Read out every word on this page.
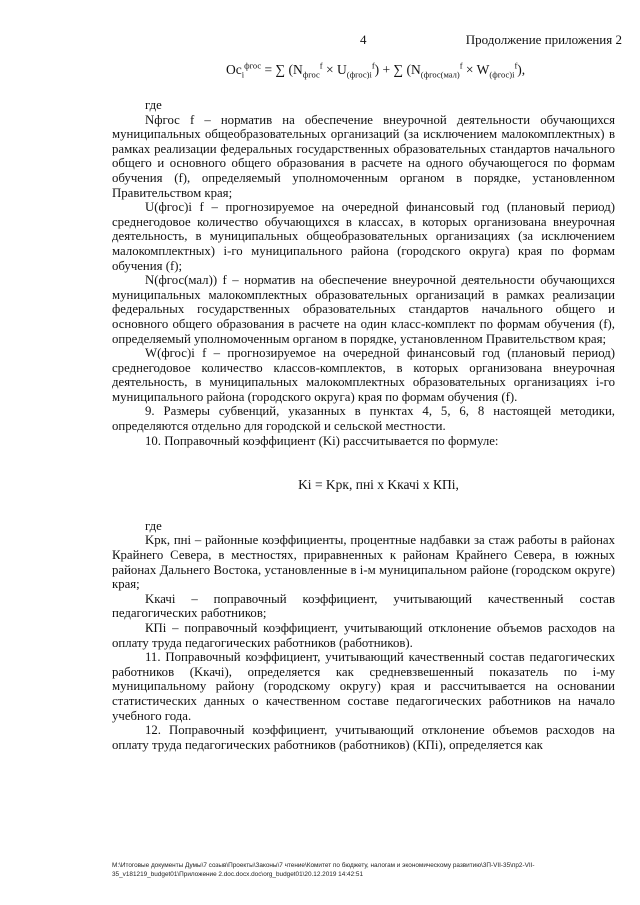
4	Продолжение приложения 2
$Oc_i^{фгос}$ = ∑ $(N_{фгос}^f \times U_{(фгос)i}^f)$ + ∑ $(N_{(фгос(мал)}^f \times W_{(фгос)i}^f)$,

где

Nфгос f – норматив на обеспечение внеурочной деятельности обучающихся муниципальных общеобразовательных организаций (за исключением малокомплектных) в рамках реализации федеральных государственных образовательных стандартов начального общего и основного общего образования в расчете на одного обучающегося по формам обучения (f), определяемый уполномоченным органом в порядке, установленном Правительством края;

U(фгос)i f – прогнозируемое на очередной финансовый год (плановый период) среднегодовое количество обучающихся в классах, в которых организована внеурочная деятельность, в муниципальных общеобразовательных организациях (за исключением малокомплектных) i-го муниципального района (городского округа) края по формам обучения (f);

N(фгос(мал)) f – норматив на обеспечение внеурочной деятельности обучающихся муниципальных малокомплектных образовательных организаций в рамках реализации федеральных государственных образовательных стандартов начального общего и основного общего образования в расчете на один класс-комплект по формам обучения (f), определяемый уполномоченным органом в порядке, установленном Правительством края;

W(фгос)i f – прогнозируемое на очередной финансовый год (плановый период) среднегодовое количество классов-комплектов, в которых организована внеурочная деятельность, в муниципальных малокомплектных образовательных организациях i-го муниципального района (городского округа) края по формам обучения (f).

9. Размеры субвенций, указанных в пунктах 4, 5, 6, 8 настоящей методики, определяются отдельно для городской и сельской местности.

10. Поправочный коэффициент (Ki) рассчитывается по формуле:

Ki = Kрк, пнi x Kкачi x КПi,

где

Kрк, пнi – районные коэффициенты, процентные надбавки за стаж работы в районах Крайнего Севера, в местностях, приравненных к районам Крайнего Севера, в южных районах Дальнего Востока, установленные в i-м муниципальном районе (городском округе) края;

Kкачi – поправочный коэффициент, учитывающий качественный состав педагогических работников;

КПi – поправочный коэффициент, учитывающий отклонение объемов расходов на оплату труда педагогических работников (работников).

11. Поправочный коэффициент, учитывающий качественный состав педагогических работников (Kкачi), определяется как средневзвешенный показатель по i-му муниципальному району (городскому округу) края и рассчитывается на основании статистических данных о качественном составе педагогических работников на начало учебного года.

12. Поправочный коэффициент, учитывающий отклонение объемов расходов на оплату труда педагогических работников (работников) (КПi), определяется как

M:\Итоговые документы Думы\7 созыв\Проекты\Законы\7 чтение\Комитет по бюджету, налогам и экономическому развитию\3П-VII-35\пр2-VII-35_v181219_budget01\Приложение 2.doc.docx.doc\org_budget01\20.12.2019 14:42:51
